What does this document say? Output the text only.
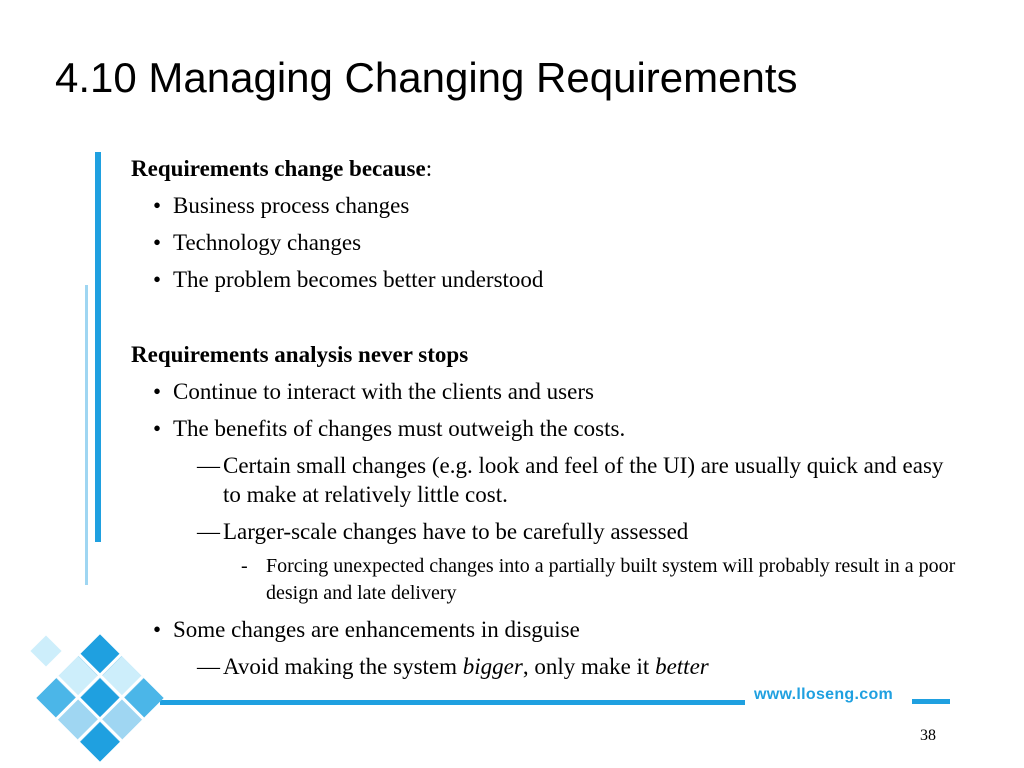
4.10 Managing Changing Requirements

Requirements change because:

• Business process changes

• Technology changes

• The problem becomes better understood

Requirements analysis never stops

• Continue to interact with the clients and users

• The benefits of changes must outweigh the costs.

— Certain small changes (e.g. look and feel of the UI) are usually quick and easy to make at relatively little cost.

— Larger-scale changes have to be carefully assessed

- Forcing unexpected changes into a partially built system will probably result in a poor design and late delivery

• Some changes are enhancements in disguise

— Avoid making the system bigger, only make it better

www.lloseng.com
38
